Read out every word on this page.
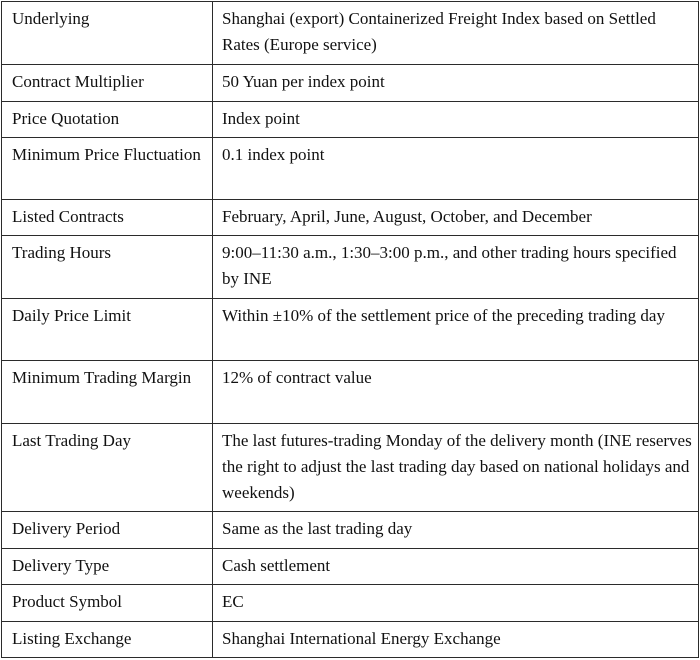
Underlying	Shanghai (export) Containerized Freight Index based on Settled Rates (Europe service)
Contract Multiplier	50 Yuan per index point
Price Quotation	Index point
Minimum Price Fluctuation	0.1 index point
Listed Contracts	February, April, June, August, October, and December
Trading Hours	9:00–11:30 a.m., 1:30–3:00 p.m., and other trading hours specified by INE
Daily Price Limit	Within ±10% of the settlement price of the preceding trading day
Minimum Trading Margin	12% of contract value
Last Trading Day	The last futures-trading Monday of the delivery month (INE reserves the right to adjust the last trading day based on national holidays and weekends)
Delivery Period	Same as the last trading day
Delivery Type	Cash settlement
Product Symbol	EC
Listing Exchange	Shanghai International Energy Exchange
